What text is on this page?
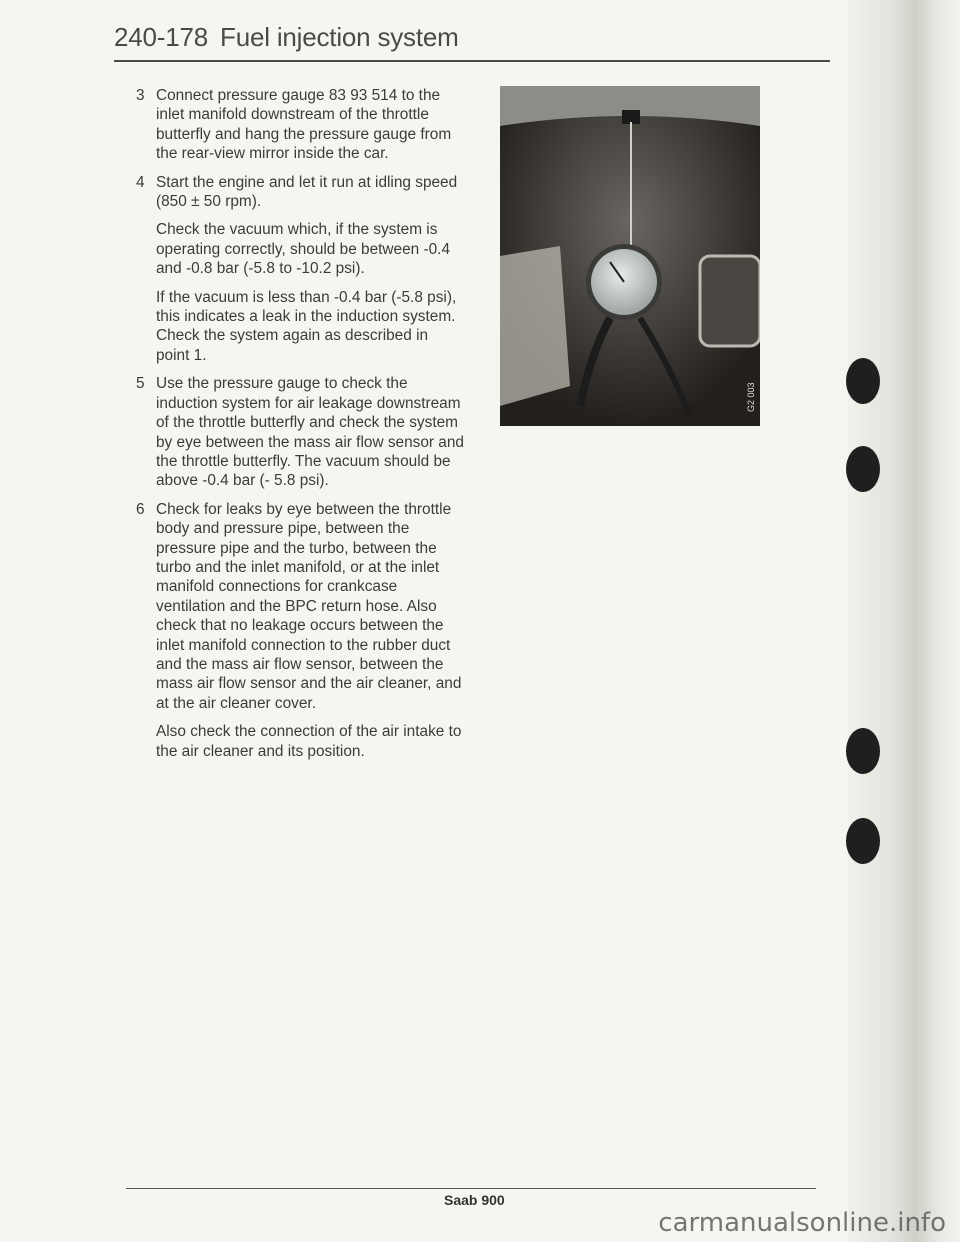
240-178 Fuel injection system
3 Connect pressure gauge 83 93 514 to the inlet manifold downstream of the throttle butterfly and hang the pressure gauge from the rear-view mirror inside the car.
4 Start the engine and let it run at idling speed (850 ± 50 rpm).
Check the vacuum which, if the system is operating correctly, should be between -0.4 and -0.8 bar (-5.8 to -10.2 psi).
If the vacuum is less than -0.4 bar (-5.8 psi), this indicates a leak in the induction system. Check the system again as described in point 1.
5 Use the pressure gauge to check the induction system for air leakage downstream of the throttle butterfly and check the system by eye between the mass air flow sensor and the throttle butterfly. The vacuum should be above -0.4 bar (- 5.8 psi).
6 Check for leaks by eye between the throttle body and pressure pipe, between the pressure pipe and the turbo, between the turbo and the inlet manifold, or at the inlet manifold connections for crankcase ventilation and the BPC return hose. Also check that no leakage occurs between the inlet manifold connection to the rubber duct and the mass air flow sensor, between the mass air flow sensor and the air cleaner, and at the air cleaner cover.
Also check the connection of the air intake to the air cleaner and its position.
G2 003
Saab 900
carmanualsonline.info
